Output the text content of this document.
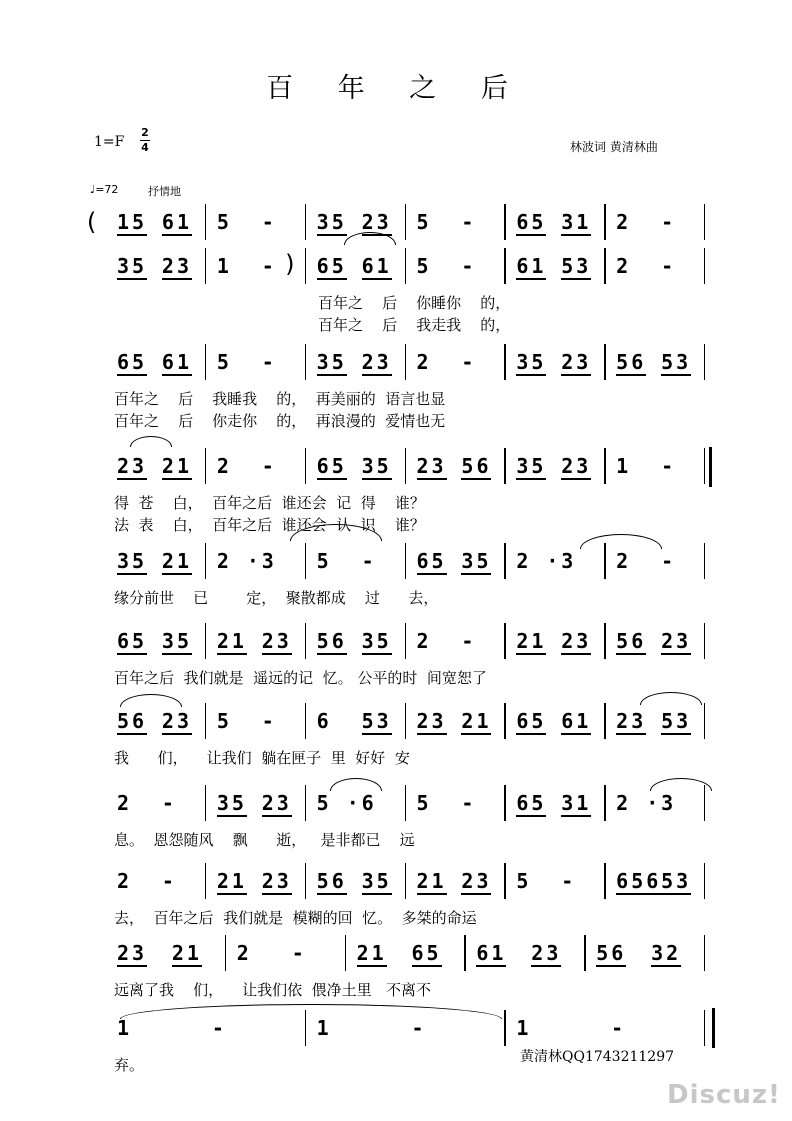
百 年 之 后
1=F
2
4	林波词 黄清林曲
♩=72	抒情地
( 15 61 5 - 35 23 5 - 65 31 2 -
35 23 1 - 65 61 5 - 61 53 2 -
百年之    后    你睡你    的，
百年之    后    我走我    的，
65 61 5 - 35 23 2 - 35 23 56 53
百年之    后    我睡我    的，  再美丽的  语言也显
百年之    后    你走你    的，  再浪漫的  爱情也无
23 21 2 - 65 35 23 56 35 23 1 -
得  苍    白，  百年之后  谁还会  记  得    谁？
法  表    白，  百年之后  谁还会  认  识    谁？
35 21 2 · 3 5 - 65 35 2 · 3 2 -
缘分前世    已        定，  聚散都成    过      去，
65 35 21 23 56 35 2 - 21 23 56 23
百年之后  我们就是  遥远的记  忆。 公平的时  间宽恕了
56 23 5 - 6 53 23 21 65 61 23 53
我      们，    让我们  躺在匣子  里  好好  安
2 - 35 23 5 · 6 5 - 65 31 2 · 3
息。  恩怨随风    飘      逝，   是非都已    远
2 - 21 23 56 35 21 23 5 - 656 53
去，  百年之后  我们就是  模糊的回  忆。  多桀的命运
23 21 2 - 21 65 61 23 56 32
远离了我    们，    让我们依  偎净土里   不离不
1	-	1	-	1	-
弃。
)
黄清林QQ1743211297
Discuz!
